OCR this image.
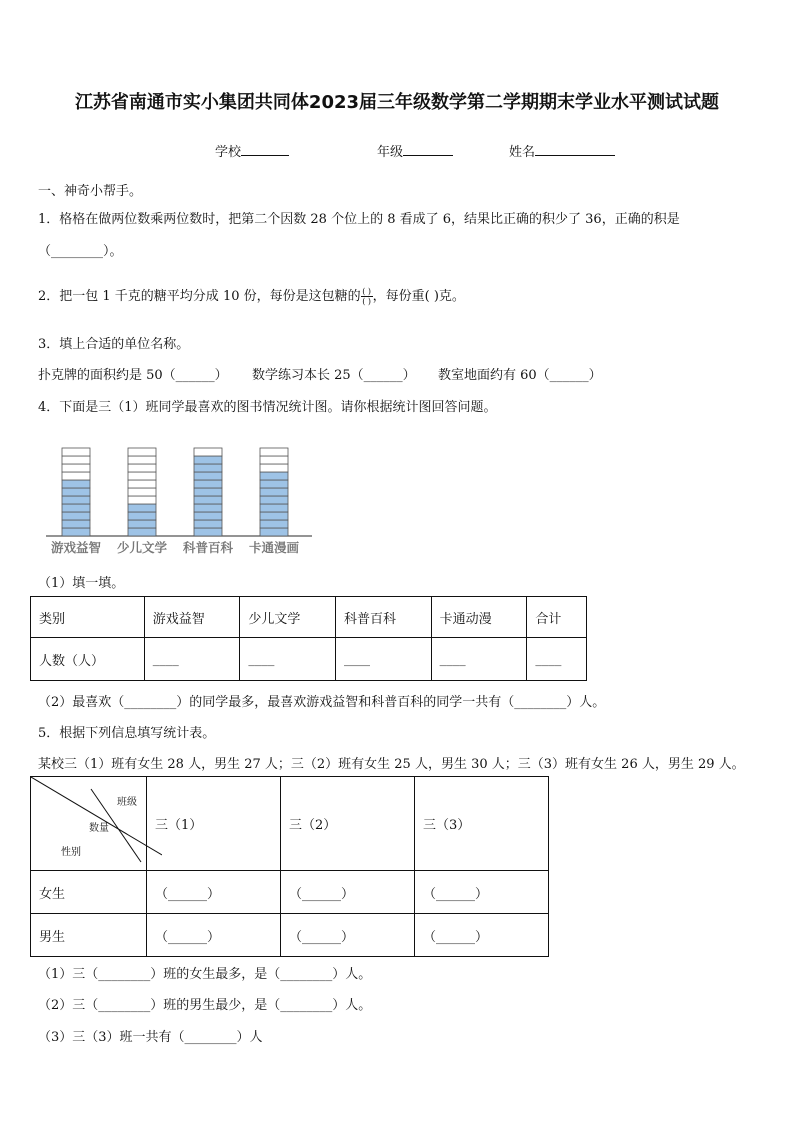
江苏省南通市实小集团共同体2023届三年级数学第二学期期末学业水平测试试题
学校	年级	姓名
一、神奇小帮手。
1．格格在做两位数乘两位数时，把第二个因数 28 个位上的 8 看成了 6，结果比正确的积少了 36，正确的积是
（________）。
2．把一包 1 千克的糖平均分成 10 份，每份是这包糖的 $\frac{( )}{( )}$，每份重( )克。
3．填上合适的单位名称。
扑克牌的面积约是 50（______） 数学练习本长 25（______） 教室地面约有 60（______）
4．下面是三（1）班同学最喜欢的图书情况统计图。请你根据统计图回答问题。
游戏益智 少儿文学 科普百科 卡通漫画
（1）填一填。
类别	游戏益智	少儿文学	科普百科	卡通动漫	合计
人数（人）	____	____	____	____	____
（2）最喜欢（________）的同学最多，最喜欢游戏益智和科普百科的同学一共有（________）人。
5．根据下列信息填写统计表。
某校三（1）班有女生 28 人，男生 27 人；三（2）班有女生 25 人，男生 30 人；三（3）班有女生 26 人，男生 29 人。
班级
数量
性别	三（1）	三（2）	三（3）
女生	（______）	（______）	（______）
男生	（______）	（______）	（______）
（1）三（________）班的女生最多，是（________）人。
（2）三（________）班的男生最少，是（________）人。
（3）三（3）班一共有（________）人
